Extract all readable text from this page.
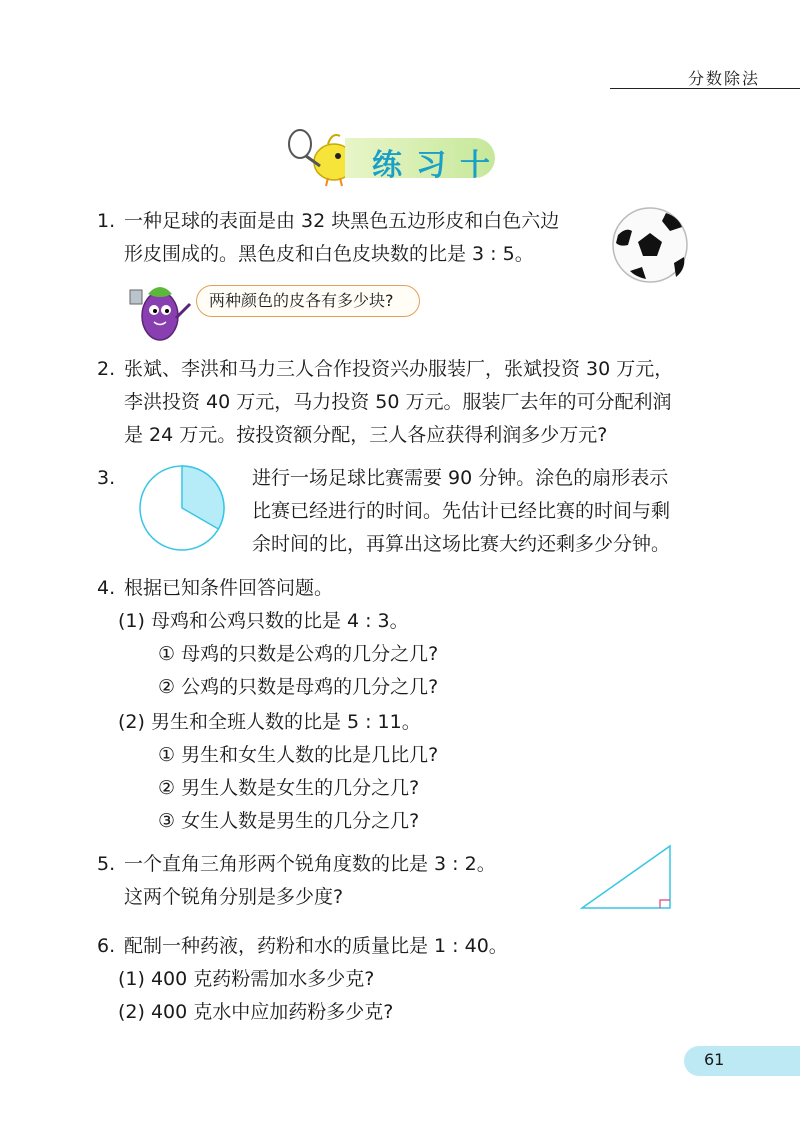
分数除法
练习十
1. 一种足球的表面是由 32 块黑色五边形皮和白色六边
形皮围成的。黑色皮和白色皮块数的比是 3 : 5。
两种颜色的皮各有多少块?
2. 张斌、李洪和马力三人合作投资兴办服装厂，张斌投资 30 万元，
李洪投资 40 万元，马力投资 50 万元。服装厂去年的可分配利润
是 24 万元。按投资额分配，三人各应获得利润多少万元?
3.	进行一场足球比赛需要 90 分钟。涂色的扇形表示
比赛已经进行的时间。先估计已经比赛的时间与剩
余时间的比，再算出这场比赛大约还剩多少分钟。
4. 根据已知条件回答问题。
(1) 母鸡和公鸡只数的比是 4 : 3。
① 母鸡的只数是公鸡的几分之几?
② 公鸡的只数是母鸡的几分之几?
(2) 男生和全班人数的比是 5 : 11。
① 男生和女生人数的比是几比几?
② 男生人数是女生的几分之几?
③ 女生人数是男生的几分之几?
5. 一个直角三角形两个锐角度数的比是 3 : 2。
这两个锐角分别是多少度?
6. 配制一种药液，药粉和水的质量比是 1 : 40。
(1) 400 克药粉需加水多少克?
(2) 400 克水中应加药粉多少克?
61
